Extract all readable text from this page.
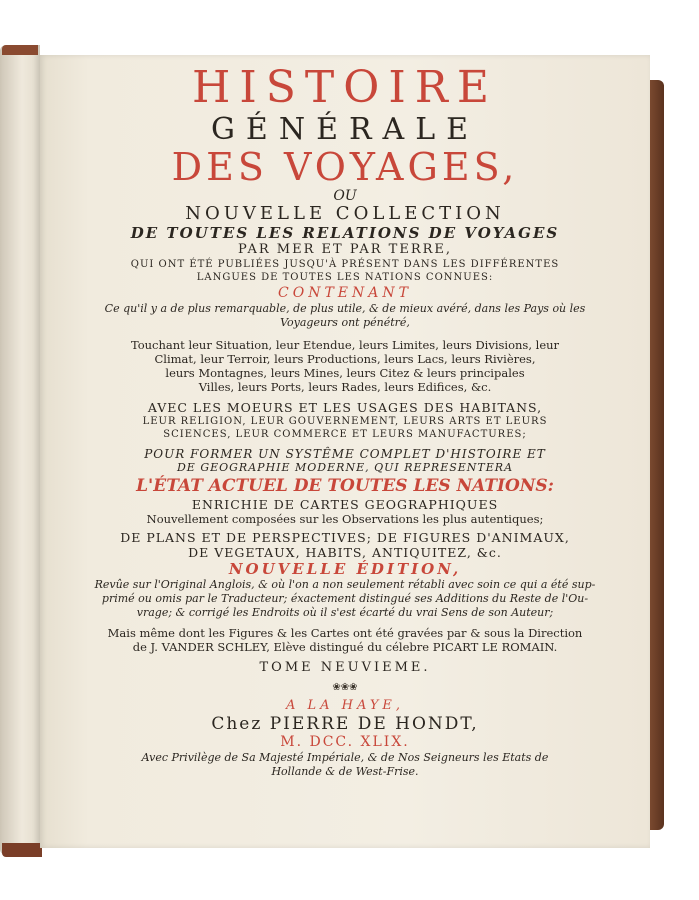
HISTOIRE

GÉNÉRALE

DES VOYAGES,

OU

NOUVELLE COLLECTION

DE TOUTES LES RELATIONS DE VOYAGES

PAR MER ET PAR TERRE,

QUI ONT ÉTÉ PUBLIÉES JUSQU'À PRÉSENT DANS LES DIFFÉRENTES

LANGUES DE TOUTES LES NATIONS CONNUES:

CONTENANT

Ce qu'il y a de plus remarquable, de plus utile, & de mieux avéré, dans les Pays où les

Voyageurs ont pénétré,

Touchant leur Situation, leur Etendue, leurs Limites, leurs Divisions, leur

Climat, leur Terroir, leurs Productions, leurs Lacs, leurs Rivières,

leurs Montagnes, leurs Mines, leurs Citez & leurs principales

Villes, leurs Ports, leurs Rades, leurs Edifices, &c.

AVEC LES MOEURS ET LES USAGES DES HABITANS,

LEUR RELIGION, LEUR GOUVERNEMENT, LEURS ARTS ET LEURS

SCIENCES, LEUR COMMERCE ET LEURS MANUFACTURES;

POUR FORMER UN SYSTÊME COMPLET D'HISTOIRE ET

DE GEOGRAPHIE MODERNE, QUI REPRESENTERA

L'ÉTAT ACTUEL DE TOUTES LES NATIONS:

ENRICHIE DE CARTES GEOGRAPHIQUES

Nouvellement composées sur les Observations les plus autentiques;

DE PLANS ET DE PERSPECTIVES; DE FIGURES D'ANIMAUX,

DE VEGETAUX, HABITS, ANTIQUITEZ, &c.

NOUVELLE ÉDITION,

Revûe sur l'Original Anglois, & où l'on a non seulement rétabli avec soin ce qui a été sup-

primé ou omis par le Traducteur; éxactement distingué ses Additions du Reste de l'Ou-

vrage; & corrigé les Endroits où il s'est écarté du vrai Sens de son Auteur;

Mais même dont les Figures & les Cartes ont été gravées par & sous la Direction

de J. VANDER SCHLEY, Elève distingué du célebre PICART LE ROMAIN.

TOME NEUVIEME.

❀❀❀

A LA HAYE,

Chez PIERRE DE HONDT,

M. DCC. XLIX.

Avec Privilège de Sa Majesté Impériale, & de Nos Seigneurs les Etats de

Hollande & de West-Frise.
